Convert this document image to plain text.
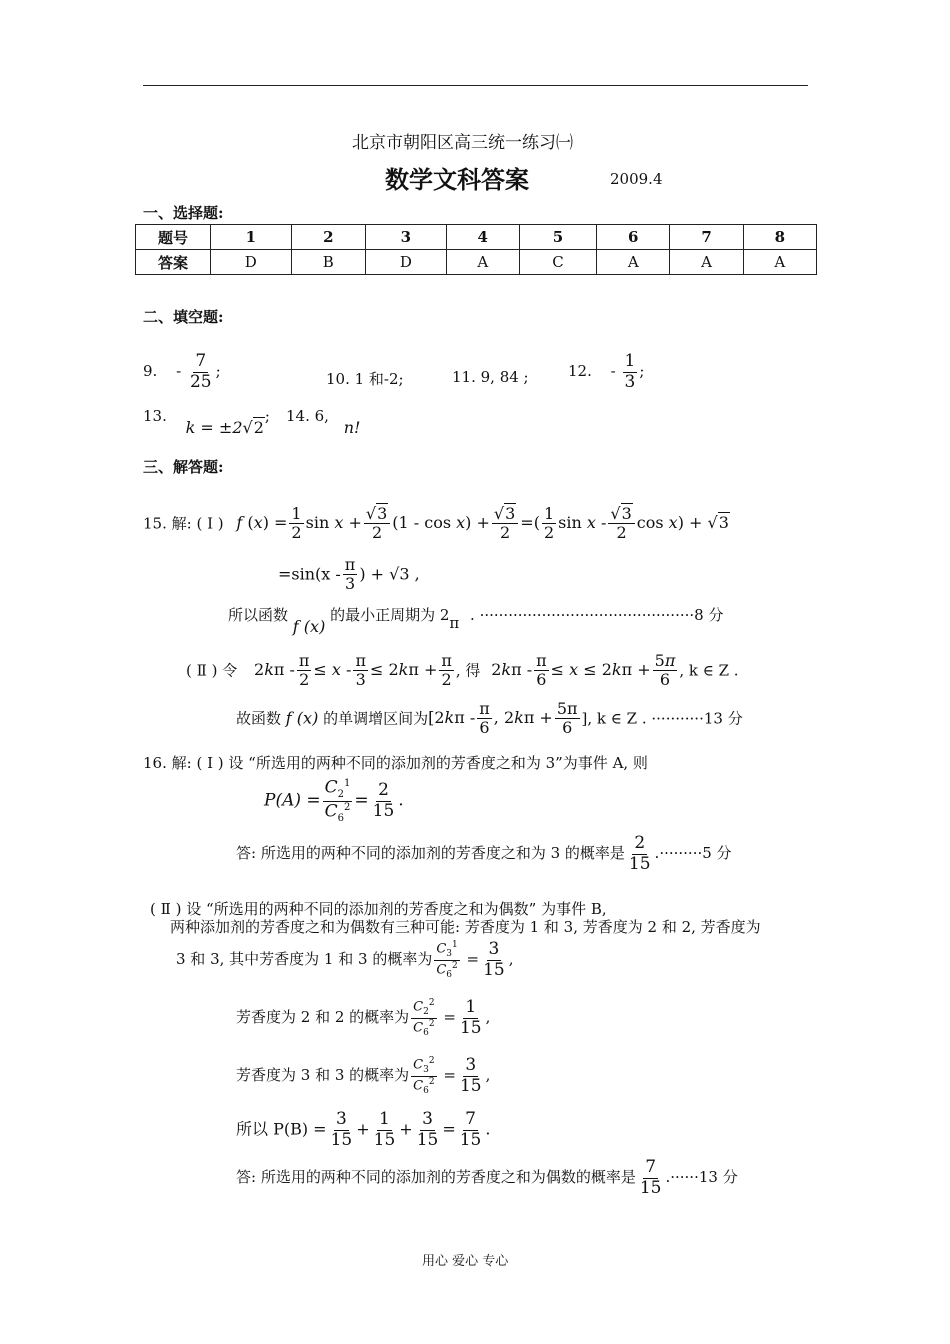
北京市朝阳区高三统一练习㈠
数学文科答案	2009.4
一、选择题:
题号	1	2	3	4	5	6	7	8
答案	D	B	D	A	C	A	A	A
二、填空题:
9. - $\frac{7}{25}$ ;	10. 1 和-2;	11. 9, 84 ;	12. - $\frac{1}{3}$ ;
13. k = ±2√2; 14. 6, n!
三、解答题:
15. 解: ( Ⅰ ) f $(x) = \frac{1}{2}$ $\sin x + \frac{√3}{2} (1 - \cos x) + \frac{√3}{2}$ =( $\frac{1}{2}$ sin x - $\frac{√3}{2}$ cos x) + √3
$=\sin(x - \frac{\pi}{3}$ ) + √3 ,
所以函数 f (x) 的最小正周期为 2π . ·············································8 分
( Ⅱ ) 令 $2k\pi - \frac{\pi}{2} \le x - \frac{\pi}{3} \le 2k\pi + \frac{\pi}{2}$ , 得 $2k\pi - \frac{\pi}{6} \le x \le 2k\pi + \frac{5\pi}{6}$ , k ∈ Z .
故函数 f (x) 的单调增区间为[$2k\pi - \frac{\pi}{6}$ , $2k\pi + \frac{5\pi}{6}$ ], k ∈ Z . ···········13 分
16. 解: ( Ⅰ ) 设 “所选用的两种不同的添加剂的芳香度之和为 3”为事件 A, 则
$P(A) = \frac{C_2^1}{C_6^2} = \frac{2}{15}$ .
答: 所选用的两种不同的添加剂的芳香度之和为 3 的概率是 $\frac{2}{15} .\cdot\cdot\cdot\cdot\cdot\cdot\cdot\cdot\cdot 5$ 分
( Ⅱ ) 设 “所选用的两种不同的添加剂的芳香度之和为偶数” 为事件 B,
两种添加剂的芳香度之和为偶数有三种可能: 芳香度为 1 和 3, 芳香度为 2 和 2, 芳香度为
3 和 3, 其中芳香度为 1 和 3 的概率为 $\frac{C_3^1}{C_6^2} = \frac{3}{15}$ ,
芳香度为 2 和 2 的概率为 $\frac{C_2^2}{C_6^2} = \frac{1}{15}$ ,
芳香度为 3 和 3 的概率为 $\frac{C_3^2}{C_6^2} = \frac{3}{15}$ ,
所以 $P(B) = \frac{3}{15} + \frac{1}{15} + \frac{3}{15} = \frac{7}{15}$ .
答: 所选用的两种不同的添加剂的芳香度之和为偶数的概率是 $\frac{7}{15} .\cdot\cdot\cdot\cdot\cdot\cdot 13$ 分
用心 爱心 专心
